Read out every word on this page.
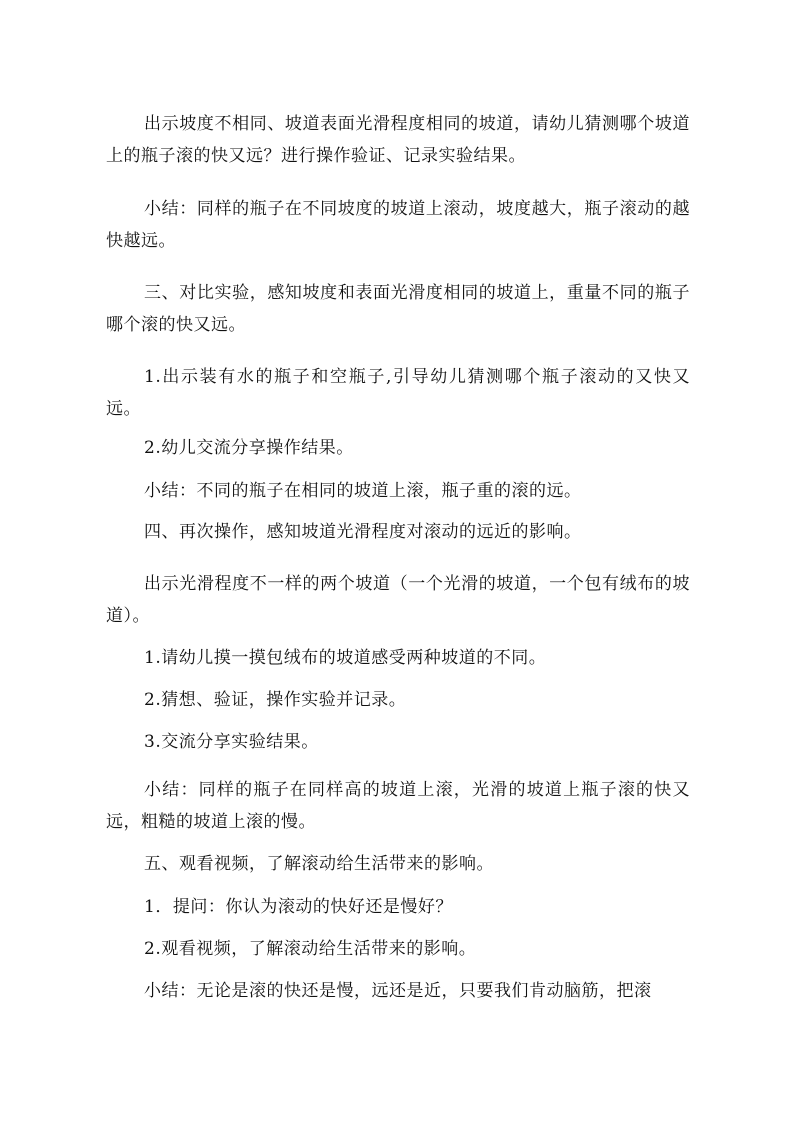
出示坡度不相同、坡道表面光滑程度相同的坡道，请幼儿猜测哪个坡道上的瓶子滚的快又远？进行操作验证、记录实验结果。

小结：同样的瓶子在不同坡度的坡道上滚动，坡度越大，瓶子滚动的越快越远。

三、对比实验，感知坡度和表面光滑度相同的坡道上，重量不同的瓶子哪个滚的快又远。

1.出示装有水的瓶子和空瓶子,引导幼儿猜测哪个瓶子滚动的又快又远。

2.幼儿交流分享操作结果。

小结：不同的瓶子在相同的坡道上滚，瓶子重的滚的远。

四、再次操作，感知坡道光滑程度对滚动的远近的影响。

出示光滑程度不一样的两个坡道（一个光滑的坡道，一个包有绒布的坡道）。

1.请幼儿摸一摸包绒布的坡道感受两种坡道的不同。

2.猜想、验证，操作实验并记录。

3.交流分享实验结果。

小结：同样的瓶子在同样高的坡道上滚，光滑的坡道上瓶子滚的快又远，粗糙的坡道上滚的慢。

五、观看视频，了解滚动给生活带来的影响。

1．提问：你认为滚动的快好还是慢好？

2.观看视频，了解滚动给生活带来的影响。

小结：无论是滚的快还是慢，远还是近，只要我们肯动脑筋，把滚
